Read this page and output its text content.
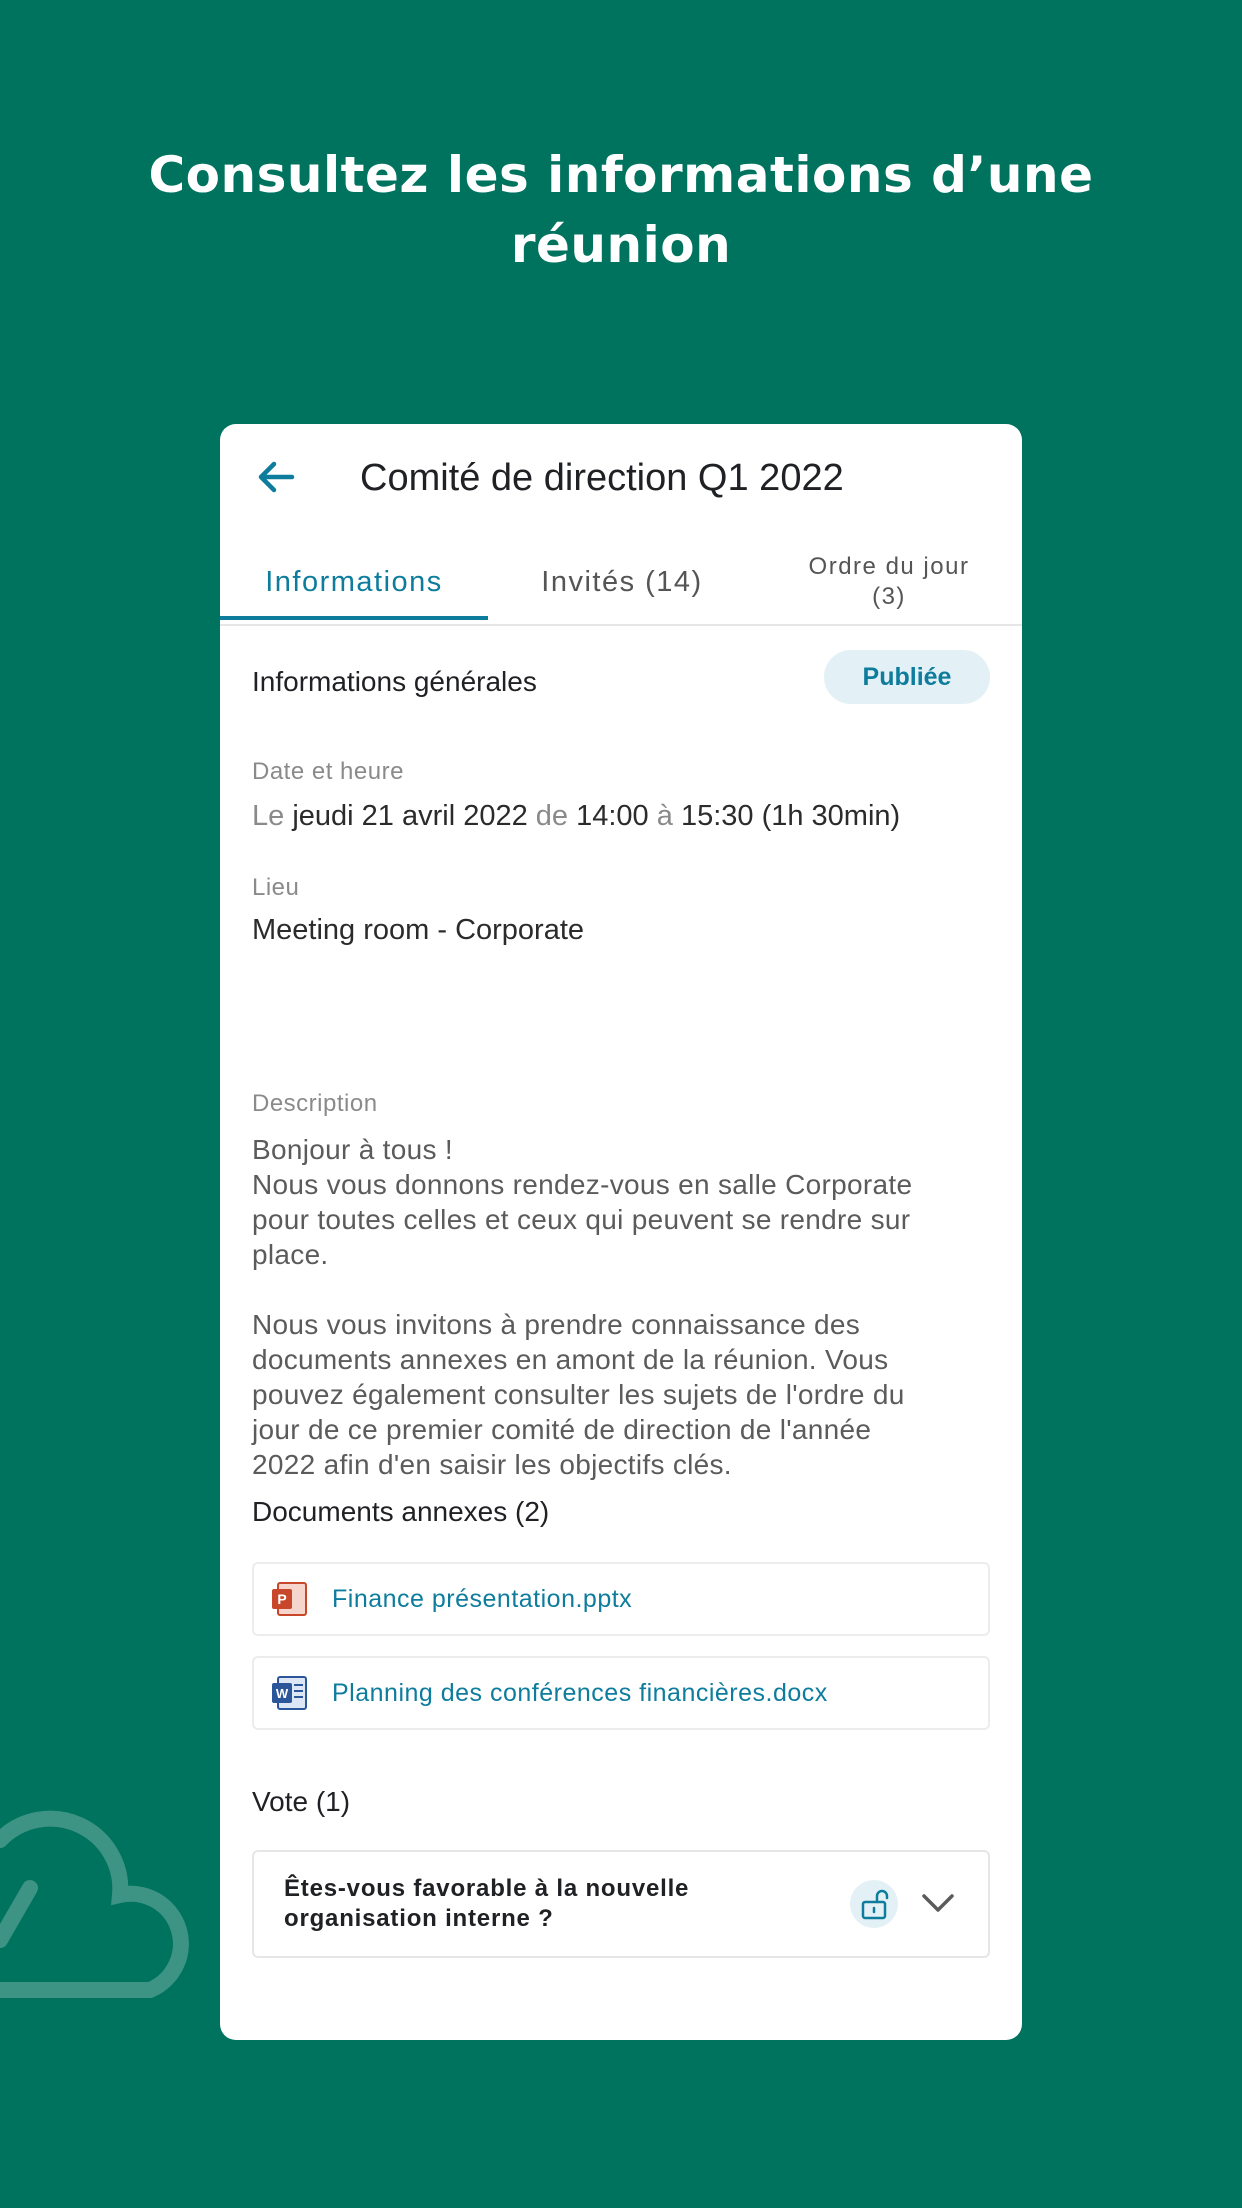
Consultez les informations d’une
réunion
Comité de direction Q1 2022
Informations	Invités (14)	Ordre du jour
(3)
Informations générales	Publiée
Date et heure
Le jeudi 21 avril 2022 de 14:00 à 15:30 (1h 30min)
Lieu
Meeting room - Corporate
Description
Bonjour à tous !
Nous vous donnons rendez-vous en salle Corporate
pour toutes celles et ceux qui peuvent se rendre sur
place.
Nous vous invitons à prendre connaissance des
documents annexes en amont de la réunion. Vous
pouvez également consulter les sujets de l'ordre du
jour de ce premier comité de direction de l'année
2022 afin d'en saisir les objectifs clés.
Documents annexes (2)
P Finance présentation.pptx
W Planning des conférences financières.docx
Vote (1)
Êtes-vous favorable à la nouvelle
organisation interne ?
